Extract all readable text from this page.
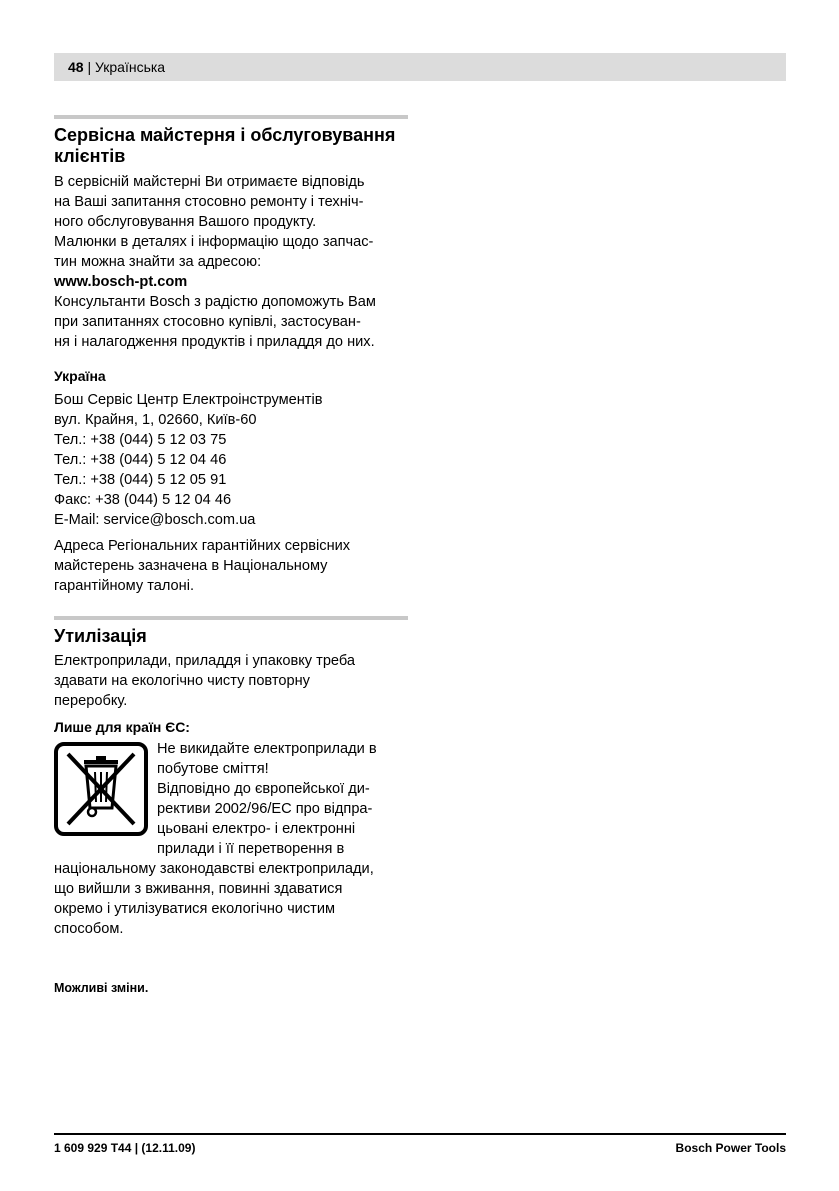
48 | Українська
Сервісна майстерня і обслуговування
клієнтів
В сервісній майстерні Ви отримаєте відповідь
на Ваші запитання стосовно ремонту і техніч-
ного обслуговування Вашого продукту.
Малюнки в деталях і інформацію щодо запчас-
тин можна знайти за адресою:
www.bosch-pt.com
Консультанти Bosch з радістю допоможуть Вам
при запитаннях стосовно купівлі, застосуван-
ня і налагодження продуктів і приладдя до них.
Україна
Бош Сервіс Центр Електроінструментів
вул. Крайня, 1, 02660, Київ-60
Тел.: +38 (044) 5 12 03 75
Тел.: +38 (044) 5 12 04 46
Тел.: +38 (044) 5 12 05 91
Факс: +38 (044) 5 12 04 46
E-Mail: service@bosch.com.ua
Адреса Регіональних гарантійних сервісних
майстерень зазначена в Національному
гарантійному талоні.
Утилізація
Електроприлади, приладдя і упаковку треба
здавати на екологічно чисту повторну
переробку.
Лише для країн ЄС:
Не викидайте електроприлади в
побутове сміття!
Відповідно до європейської ди-
рективи 2002/96/ЕС про відпра-
цьовані електро- і електронні
прилади і її перетворення в
національному законодавстві електроприлади,
що вийшли з вживання, повинні здаватися
окремо і утилізуватися екологічно чистим
способом.
Можливі зміни.
1 609 929 T44 | (12.11.09)	Bosch Power Tools
